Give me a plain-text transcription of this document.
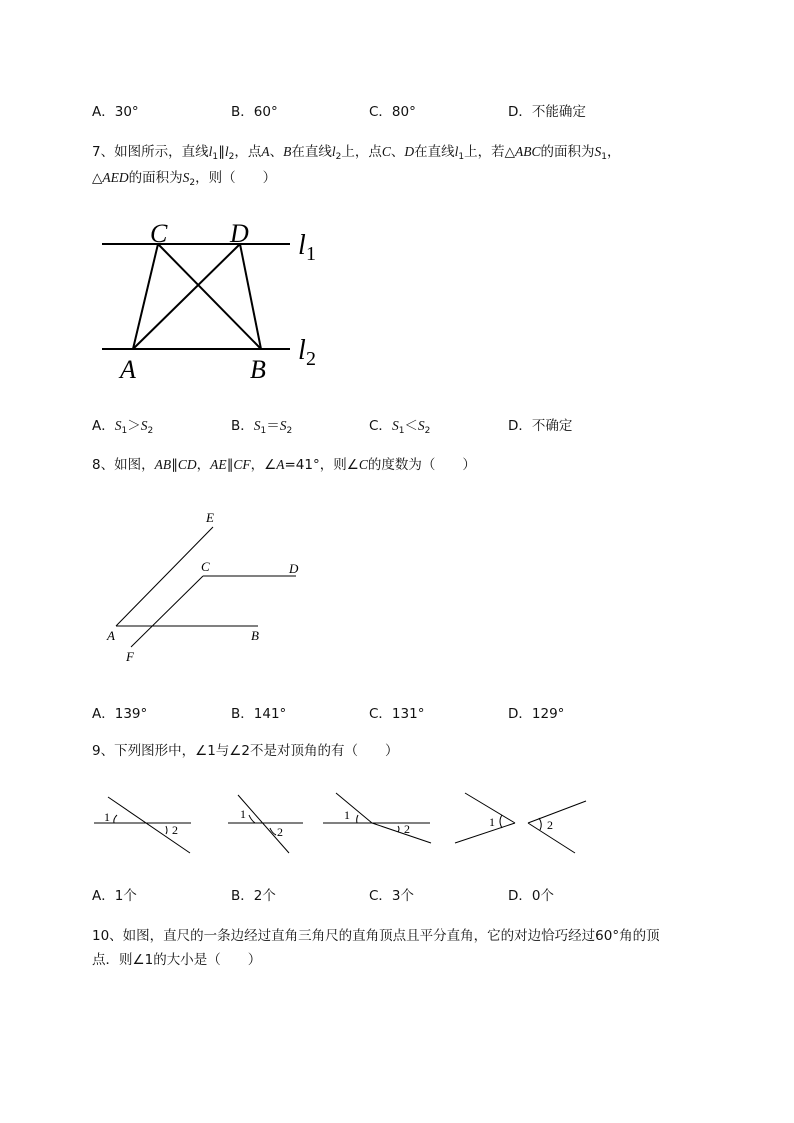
A．30°	B．60°	C．80°	D．不能确定
7、如图所示，直线$l_1\parallel l_2$，点A、B在直线$l_2$上，点C、D在直线$l_1$上，若△ABC的面积为$S_1$，
△AED的面积为$S_2$，则（　　）
C D
A	B
l 1
l 2
A．$S_1>S_2$	B．$S_1=S_2$	C．$S_1<S_2$	D．不确定
8、如图，AB∥CD，AE∥CF，∠A=41°，则∠C的度数为（　　）
E
C	D
A	B
F
A．139°	B．141°	C．131°	D．129°
9、下列图形中，∠1与∠2不是对顶角的有（　　）
1
2
1
2
1
2	1	2
A．1个	B．2个	C．3个	D．0个
10、如图，直尺的一条边经过直角三角尺的直角顶点且平分直角，它的对边恰巧经过60°角的顶
点．则∠1的大小是（　　）
